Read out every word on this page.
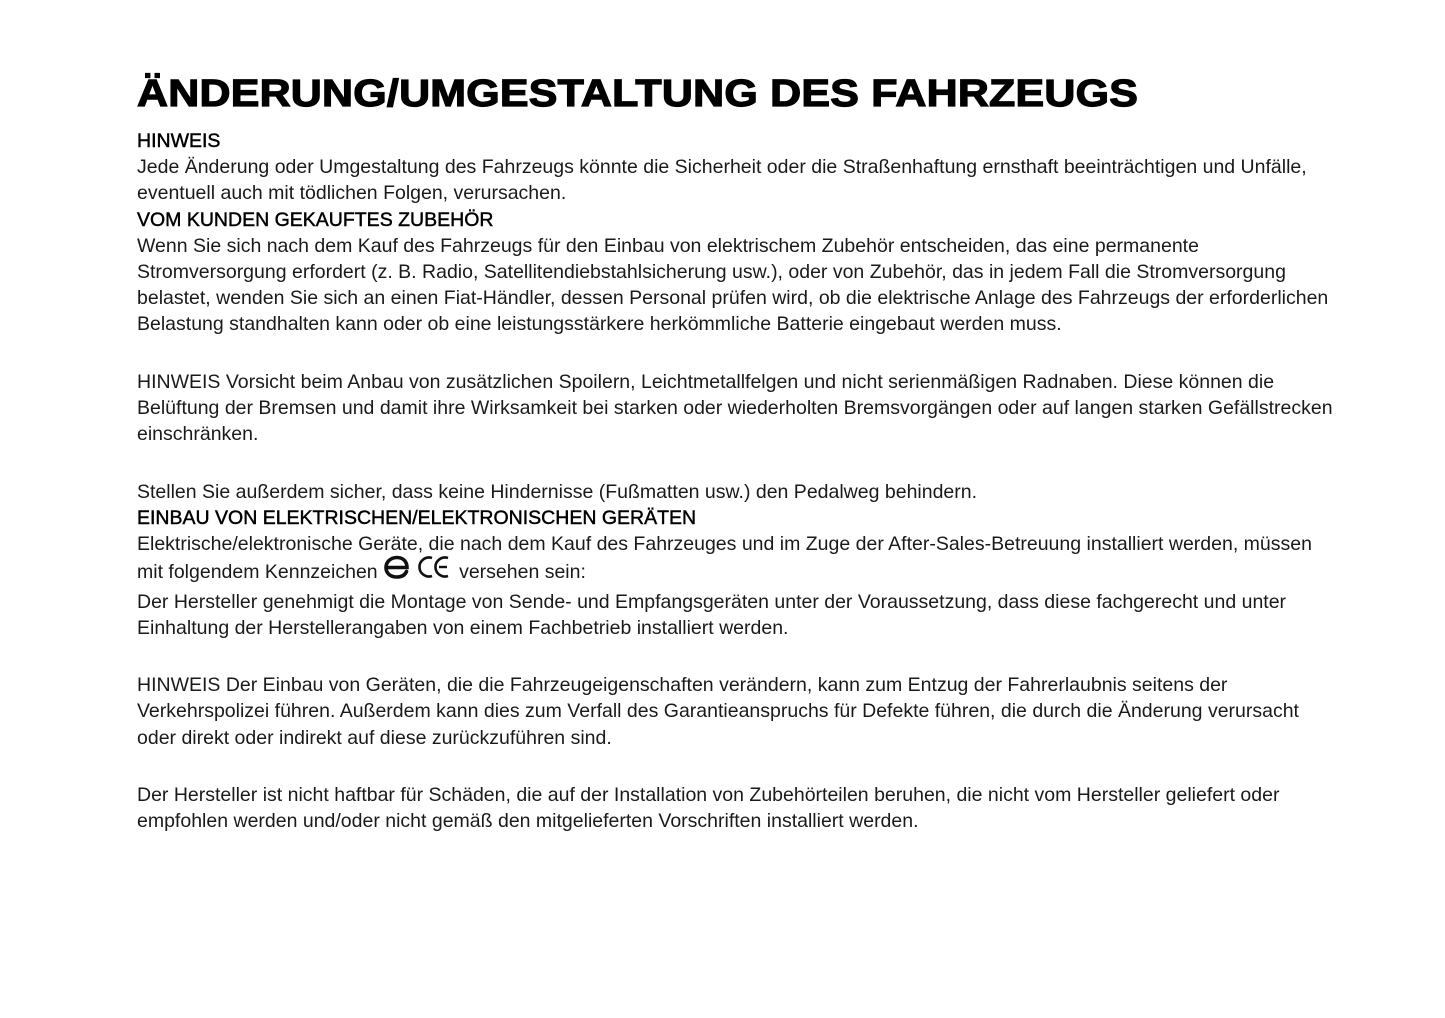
ÄNDERUNG/UMGESTALTUNG DES FAHRZEUGS

HINWEIS

Jede Änderung oder Umgestaltung des Fahrzeugs könnte die Sicherheit oder die Straßenhaftung ernsthaft beeinträchtigen und Unfälle, eventuell auch mit tödlichen Folgen, verursachen.

VOM KUNDEN GEKAUFTES ZUBEHÖR

Wenn Sie sich nach dem Kauf des Fahrzeugs für den Einbau von elektrischem Zubehör entscheiden, das eine permanente Stromversorgung erfordert (z. B. Radio, Satellitendiebstahlsicherung usw.), oder von Zubehör, das in jedem Fall die Stromversorgung belastet, wenden Sie sich an einen Fiat-Händler, dessen Personal prüfen wird, ob die elektrische Anlage des Fahrzeugs der erforderlichen Belastung standhalten kann oder ob eine leistungsstärkere herkömmliche Batterie eingebaut werden muss.

HINWEIS Vorsicht beim Anbau von zusätzlichen Spoilern, Leichtmetallfelgen und nicht serienmäßigen Radnaben. Diese können die Belüftung der Bremsen und damit ihre Wirksamkeit bei starken oder wiederholten Bremsvorgängen oder auf langen starken Gefällstrecken einschränken.

Stellen Sie außerdem sicher, dass keine Hindernisse (Fußmatten usw.) den Pedalweg behindern.

EINBAU VON ELEKTRISCHEN/ELEKTRONISCHEN GERÄTEN

Elektrische/elektronische Geräte, die nach dem Kauf des Fahrzeuges und im Zuge der After-Sales-Betreuung installiert werden, müssen mit folgendem Kennzeichen	versehen sein:

Der Hersteller genehmigt die Montage von Sende- und Empfangsgeräten unter der Voraussetzung, dass diese fachgerecht und unter Einhaltung der Herstellerangaben von einem Fachbetrieb installiert werden.

HINWEIS Der Einbau von Geräten, die die Fahrzeugeigenschaften verändern, kann zum Entzug der Fahrerlaubnis seitens der Verkehrspolizei führen. Außerdem kann dies zum Verfall des Garantieanspruchs für Defekte führen, die durch die Änderung verursacht oder direkt oder indirekt auf diese zurückzuführen sind.

Der Hersteller ist nicht haftbar für Schäden, die auf der Installation von Zubehörteilen beruhen, die nicht vom Hersteller geliefert oder empfohlen werden und/oder nicht gemäß den mitgelieferten Vorschriften installiert werden.
